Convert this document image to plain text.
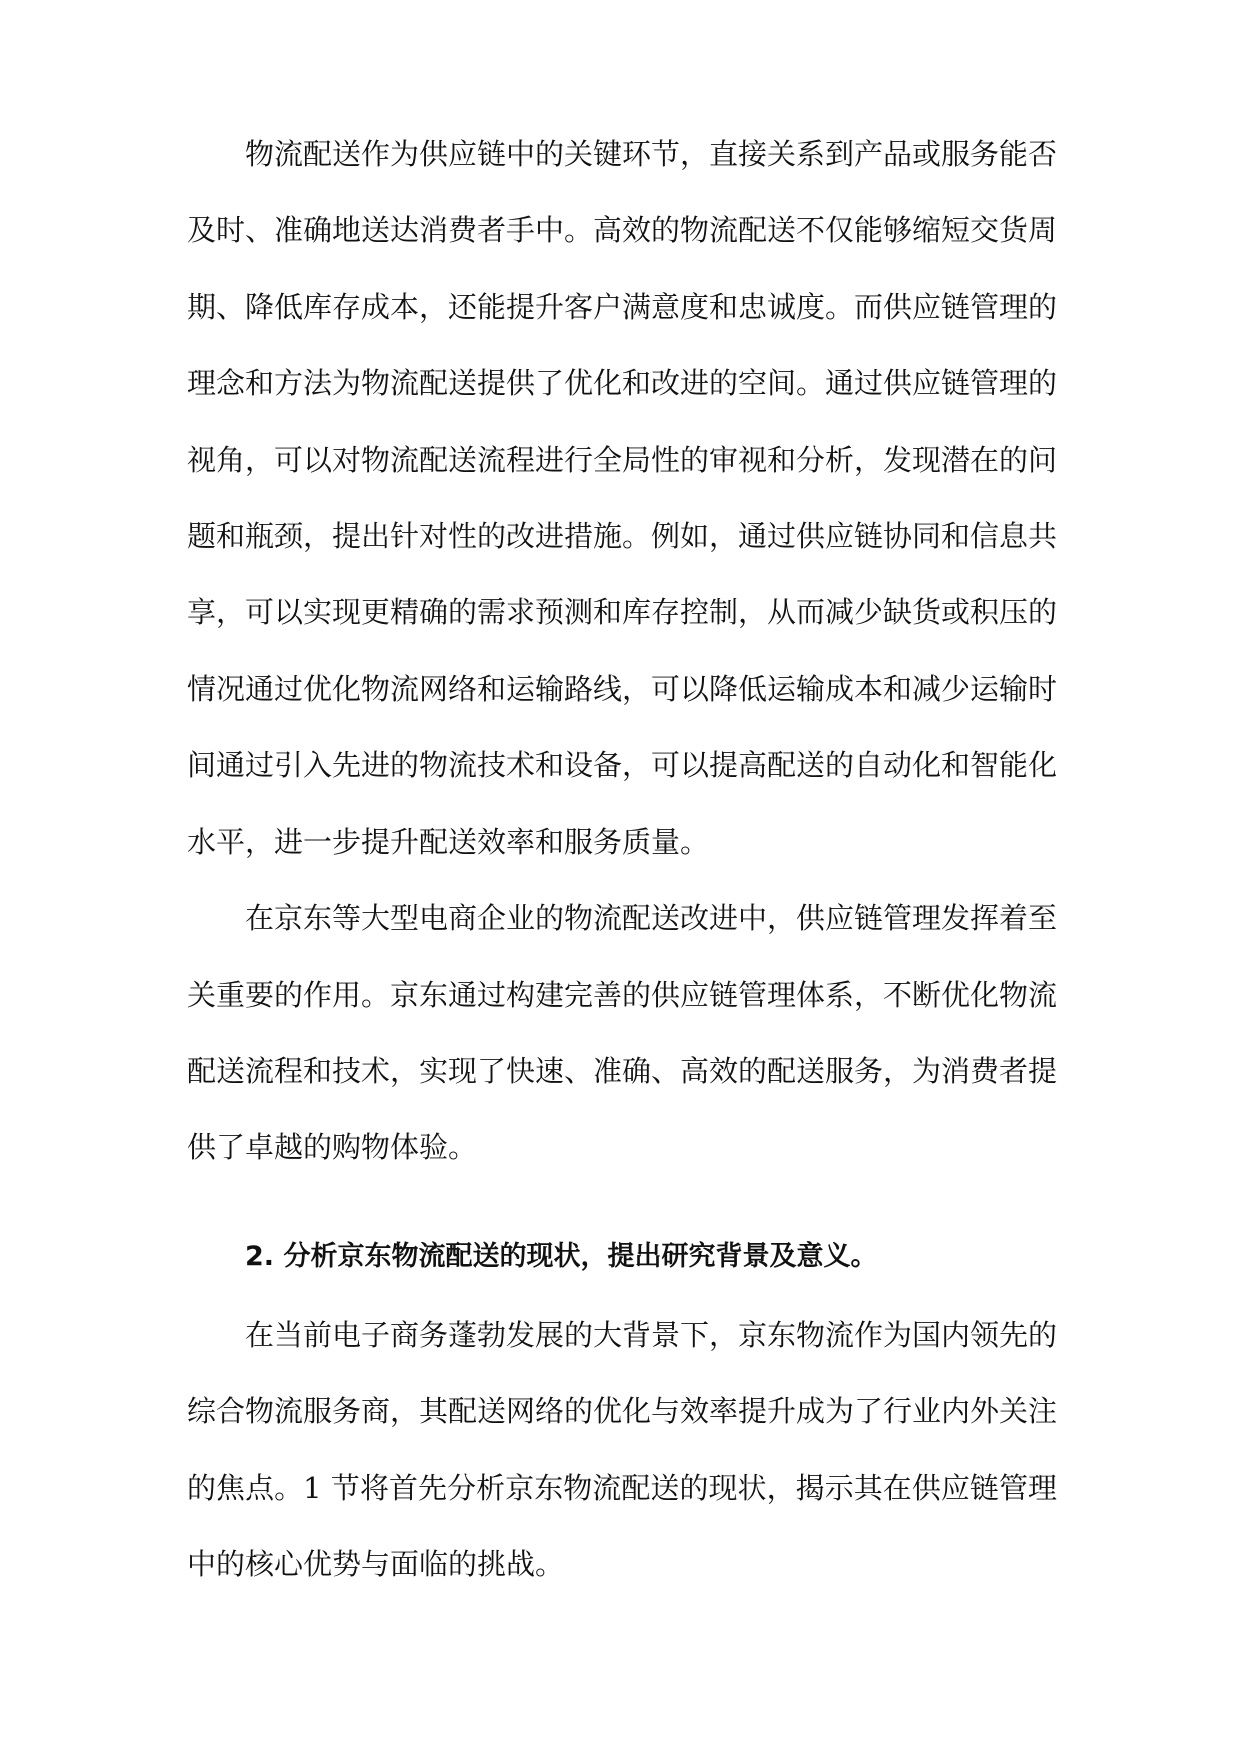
物流配送作为供应链中的关键环节，直接关系到产品或服务能否

及时、准确地送达消费者手中。高效的物流配送不仅能够缩短交货周

期、降低库存成本，还能提升客户满意度和忠诚度。而供应链管理的

理念和方法为物流配送提供了优化和改进的空间。通过供应链管理的

视角，可以对物流配送流程进行全局性的审视和分析，发现潜在的问

题和瓶颈，提出针对性的改进措施。例如，通过供应链协同和信息共

享，可以实现更精确的需求预测和库存控制，从而减少缺货或积压的

情况通过优化物流网络和运输路线，可以降低运输成本和减少运输时

间通过引入先进的物流技术和设备，可以提高配送的自动化和智能化

水平，进一步提升配送效率和服务质量。

在京东等大型电商企业的物流配送改进中，供应链管理发挥着至

关重要的作用。京东通过构建完善的供应链管理体系，不断优化物流

配送流程和技术，实现了快速、准确、高效的配送服务，为消费者提

供了卓越的购物体验。

2. 分析京东物流配送的现状，提出研究背景及意义。

在当前电子商务蓬勃发展的大背景下，京东物流作为国内领先的

综合物流服务商，其配送网络的优化与效率提升成为了行业内外关注

的焦点。1 节将首先分析京东物流配送的现状，揭示其在供应链管理

中的核心优势与面临的挑战。
